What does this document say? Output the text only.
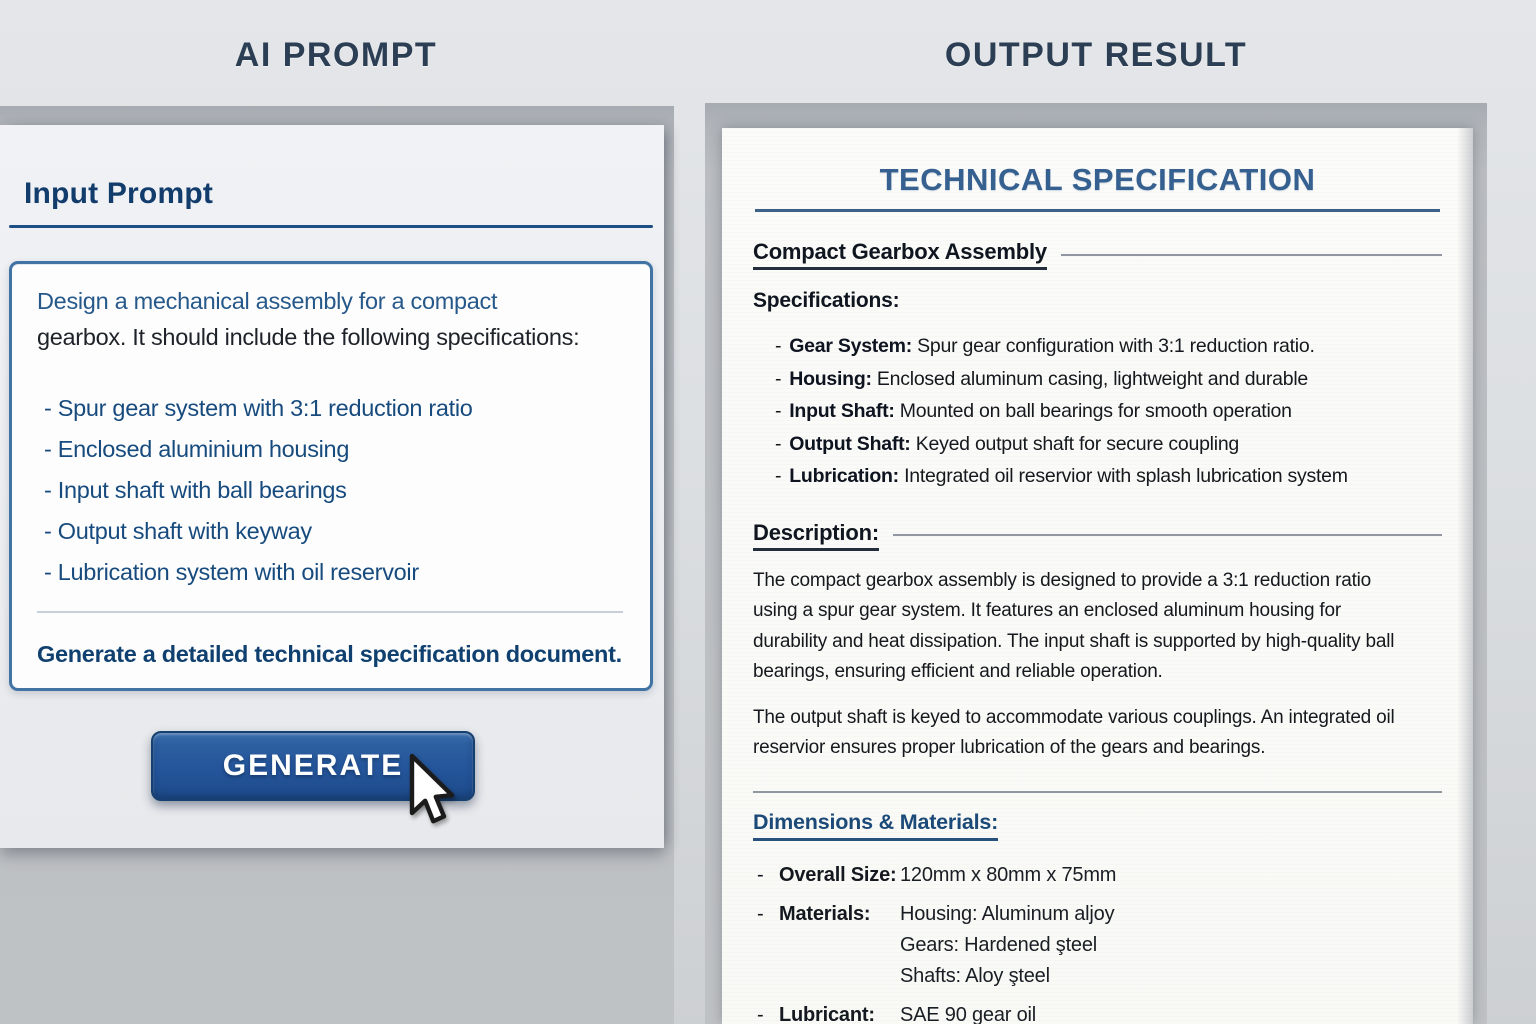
AI PROMPT	OUTPUT RESULT
Input Prompt

Design a mechanical assembly for a compact

gearbox. It should include the following specifications:

- Spur gear system with 3:1 reduction ratio
- Enclosed aluminium housing
- Input shaft with ball bearings
- Output shaft with keyway
- Lubrication system with oil reservoir

Generate a detailed technical specification document.

GENERATE
TECHNICAL SPECIFICATION
Compact Gearbox Assembly
Specifications:
- Gear System: Spur gear configuration with 3:1 reduction ratio.
- Housing: Enclosed aluminum casing, lightweight and durable
- Input Shaft: Mounted on ball bearings for smooth operation
- Output Shaft: Keyed output shaft for secure coupling
- Lubrication: Integrated oil reservior with splash lubrication system
Description:

The compact gearbox assembly is designed to provide a 3:1 reduction ratio using a spur gear system. It features an enclosed aluminum housing for durability and heat dissipation. The input shaft is supported by high-quality ball bearings, ensuring efficient and reliable operation.

The output shaft is keyed to accommodate various couplings. An integrated oil reservior ensures proper lubrication of the gears and bearings.

Dimensions & Materials:
- Overall Size: 120mm x 80mm x 75mm
- Materials:	Housing: Aluminum aljoy
Gears: Hardened şteel
Shafts: Aloy şteel
- Lubricant:	SAE 90 gear oil
